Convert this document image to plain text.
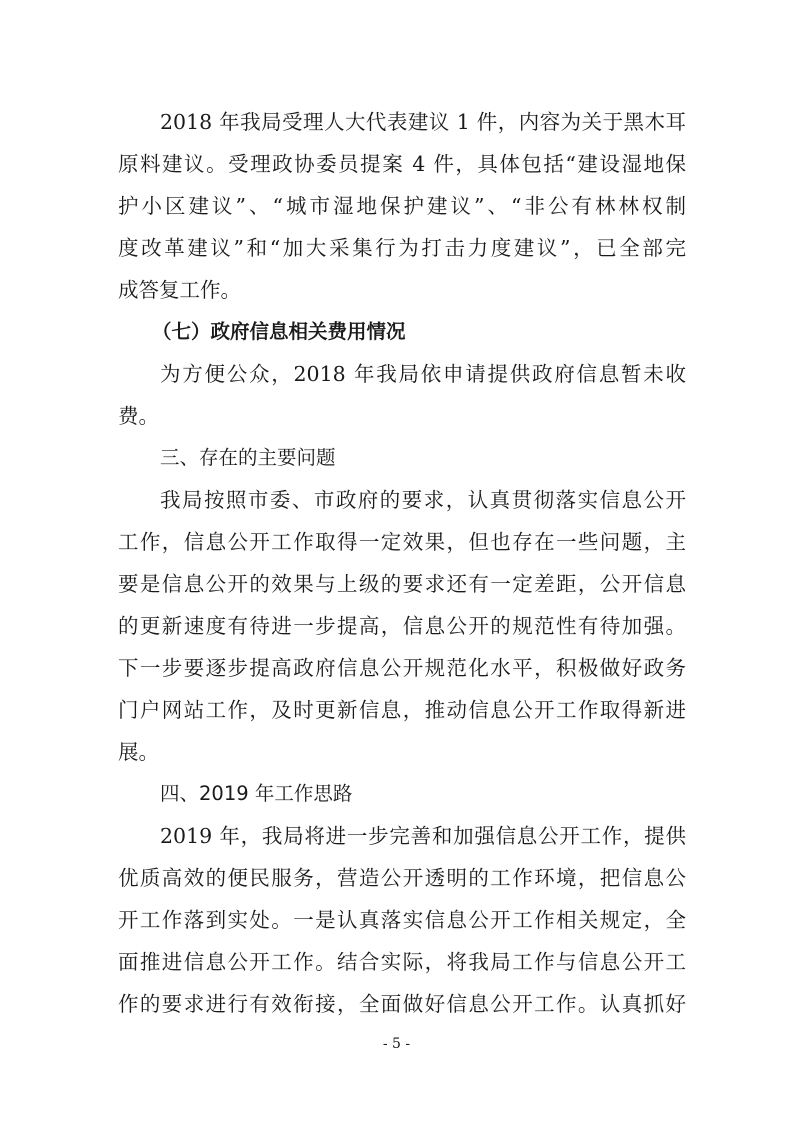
2018 年我局受理人大代表建议 1 件，内容为关于黑木耳
原料建议。受理政协委员提案 4 件，具体包括“建设湿地保
护小区建议”、“城市湿地保护建议”、“非公有林林权制
度改革建议”和“加大采集行为打击力度建议”，已全部完
成答复工作。
（七）政府信息相关费用情况
为方便公众，2018 年我局依申请提供政府信息暂未收
费。
三、存在的主要问题
我局按照市委、市政府的要求，认真贯彻落实信息公开
工作，信息公开工作取得一定效果，但也存在一些问题，主
要是信息公开的效果与上级的要求还有一定差距，公开信息
的更新速度有待进一步提高，信息公开的规范性有待加强。
下一步要逐步提高政府信息公开规范化水平，积极做好政务
门户网站工作，及时更新信息，推动信息公开工作取得新进
展。
四、2019 年工作思路
2019 年，我局将进一步完善和加强信息公开工作，提供
优质高效的便民服务，营造公开透明的工作环境，把信息公
开工作落到实处。一是认真落实信息公开工作相关规定，全
面推进信息公开工作。结合实际，将我局工作与信息公开工
作的要求进行有效衔接，全面做好信息公开工作。认真抓好
- 5 -
